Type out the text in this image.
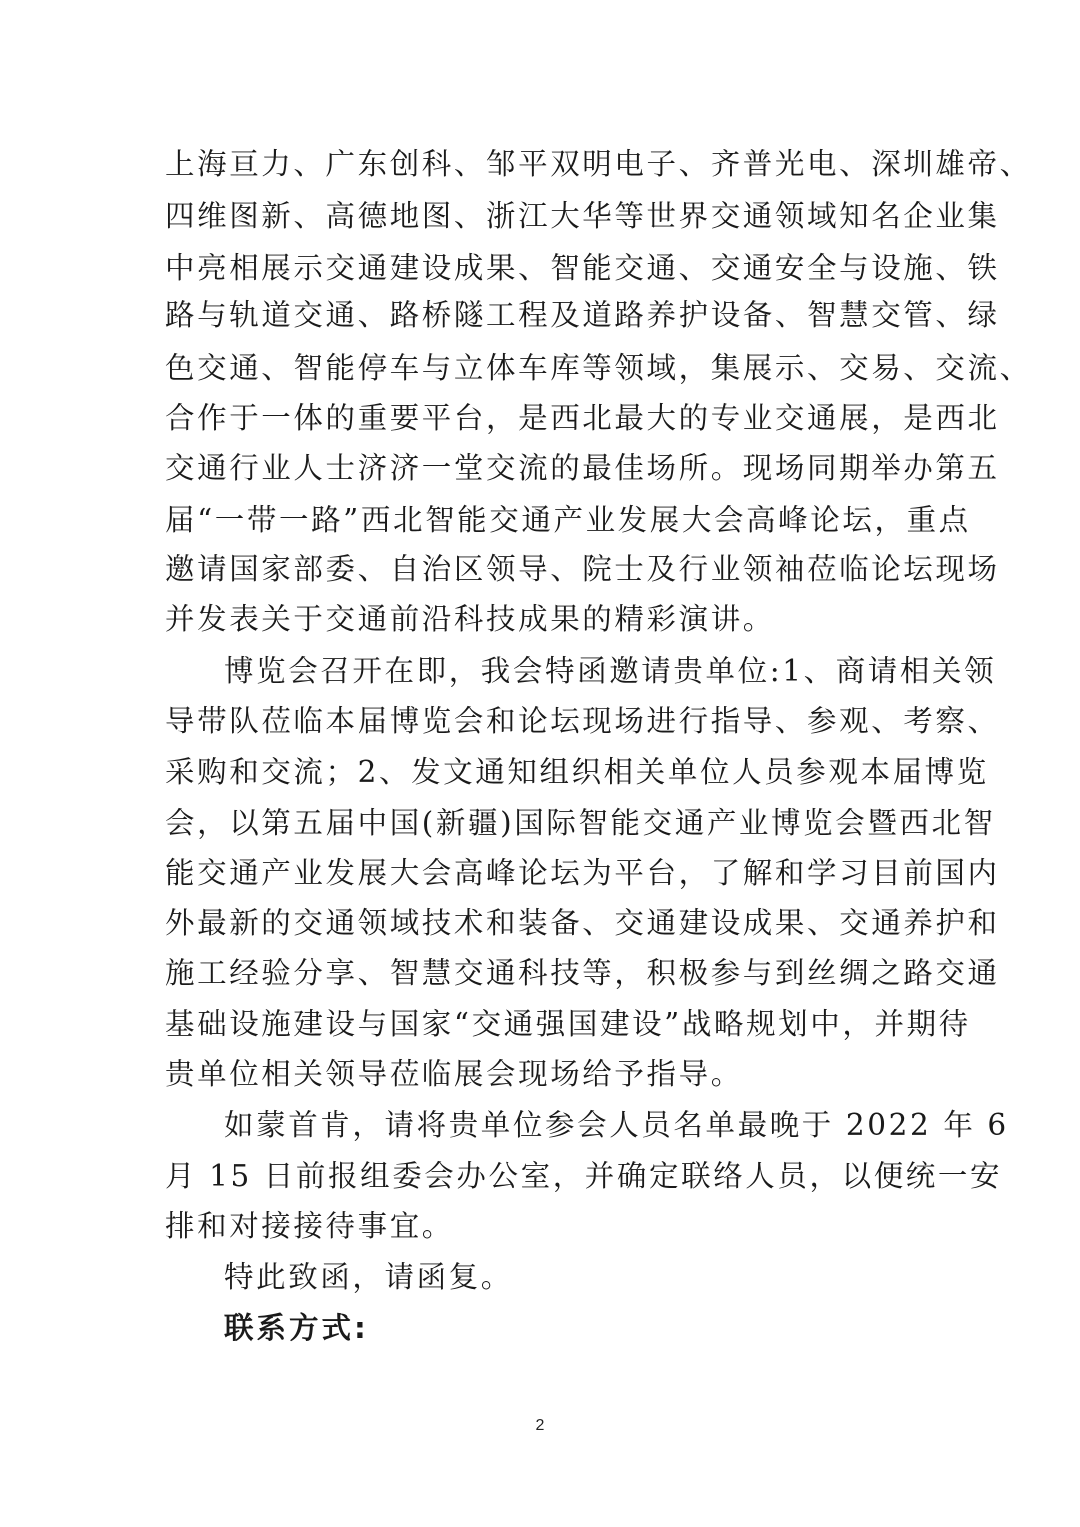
上海亘力、广东创科、邹平双明电子、齐普光电、深圳雄帝、
四维图新、高德地图、浙江大华等世界交通领域知名企业集
中亮相展示交通建设成果、智能交通、交通安全与设施、铁
路与轨道交通、路桥隧工程及道路养护设备、智慧交管、绿
色交通、智能停车与立体车库等领域，集展示、交易、交流、
合作于一体的重要平台，是西北最大的专业交通展，是西北
交通行业人士济济一堂交流的最佳场所。现场同期举办第五
届“一带一路”西北智能交通产业发展大会高峰论坛，重点
邀请国家部委、自治区领导、院士及行业领袖莅临论坛现场
并发表关于交通前沿科技成果的精彩演讲。
博览会召开在即，我会特函邀请贵单位:1、商请相关领
导带队莅临本届博览会和论坛现场进行指导、参观、考察、
采购和交流；2、发文通知组织相关单位人员参观本届博览
会，以第五届中国(新疆)国际智能交通产业博览会暨西北智
能交通产业发展大会高峰论坛为平台，了解和学习目前国内
外最新的交通领域技术和装备、交通建设成果、交通养护和
施工经验分享、智慧交通科技等，积极参与到丝绸之路交通
基础设施建设与国家“交通强国建设”战略规划中，并期待
贵单位相关领导莅临展会现场给予指导。
如蒙首肯，请将贵单位参会人员名单最晚于 2022 年 6
月 15 日前报组委会办公室，并确定联络人员，以便统一安
排和对接接待事宜。
特此致函，请函复。
联系方式:
2
